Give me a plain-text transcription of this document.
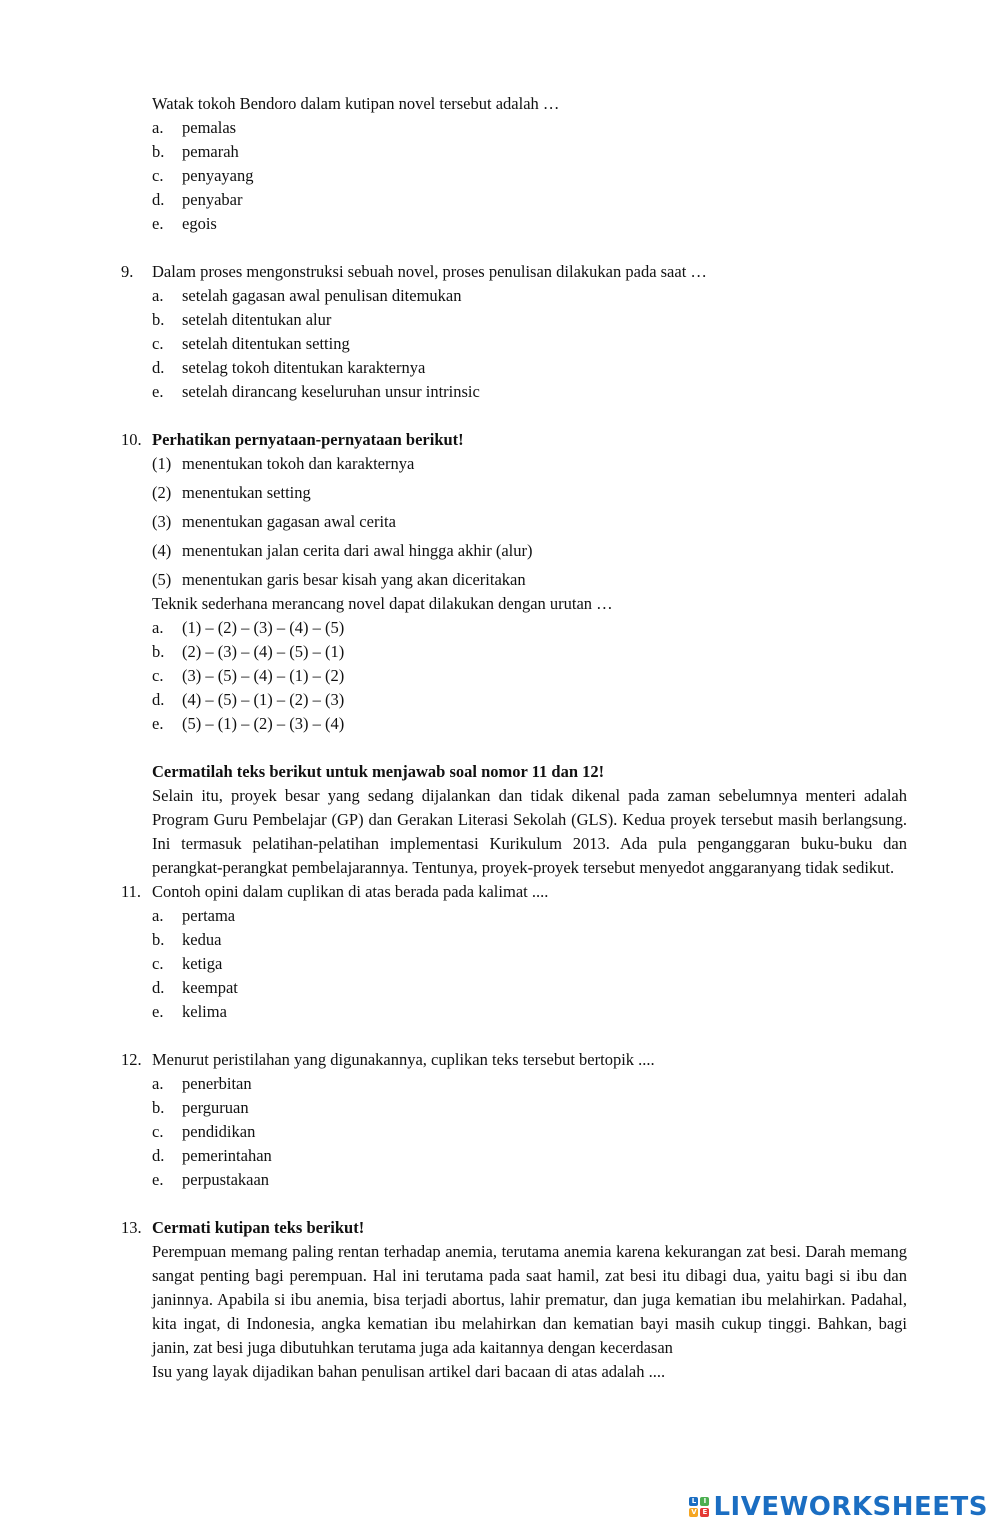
Watak tokoh Bendoro dalam kutipan novel tersebut adalah …
a. pemalas
b. pemarah
c. penyayang
d. penyabar
e. egois
9.	Dalam proses mengonstruksi sebuah novel, proses penulisan dilakukan pada saat …
a. setelah gagasan awal penulisan ditemukan
b. setelah ditentukan alur
c. setelah ditentukan setting
d. setelag tokoh ditentukan karakternya
e. setelah dirancang keseluruhan unsur intrinsic
10. Perhatikan pernyataan-pernyataan berikut!
(1) menentukan tokoh dan karakternya
(2) menentukan setting
(3) menentukan gagasan awal cerita
(4) menentukan jalan cerita dari awal hingga akhir (alur)
(5) menentukan garis besar kisah yang akan diceritakan
Teknik sederhana merancang novel dapat dilakukan dengan urutan …
a. (1) – (2) – (3) – (4) – (5)
b. (2) – (3) – (4) – (5) – (1)
c. (3) – (5) – (4) – (1) – (2)
d. (4) – (5) – (1) – (2) – (3)
e. (5) – (1) – (2) – (3) – (4)
Cermatilah teks berikut untuk menjawab soal nomor 11 dan 12!
Selain itu, proyek besar yang sedang dijalankan dan tidak dikenal pada zaman sebelumnya menteri adalah Program Guru Pembelajar (GP) dan Gerakan Literasi Sekolah (GLS). Kedua proyek tersebut masih berlangsung. Ini termasuk pelatihan-pelatihan implementasi Kurikulum 2013. Ada pula penganggaran buku-buku dan perangkat-perangkat pembelajarannya. Tentunya, proyek-proyek tersebut menyedot anggaranyang tidak sedikut.
11. Contoh opini dalam cuplikan di atas berada pada kalimat ....
a. pertama
b. kedua
c. ketiga
d. keempat
e. kelima
12. Menurut peristilahan yang digunakannya, cuplikan teks tersebut bertopik ....
a. penerbitan
b. perguruan
c. pendidikan
d. pemerintahan
e. perpustakaan
13. Cermati kutipan teks berikut!
Perempuan memang paling rentan terhadap anemia, terutama anemia karena kekurangan zat besi. Darah memang sangat penting bagi perempuan. Hal ini terutama pada saat hamil, zat besi itu dibagi dua, yaitu bagi si ibu dan janinnya. Apabila si ibu anemia, bisa terjadi abortus, lahir prematur, dan juga kematian ibu melahirkan. Padahal, kita ingat, di Indonesia, angka kematian ibu melahirkan dan kematian bayi masih cukup tinggi. Bahkan, bagi janin, zat besi juga dibutuhkan terutama juga ada kaitannya dengan kecerdasan
Isu yang layak dijadikan bahan penulisan artikel dari bacaan di atas adalah ....
L	I
V E LIVEWORKSHEETS
